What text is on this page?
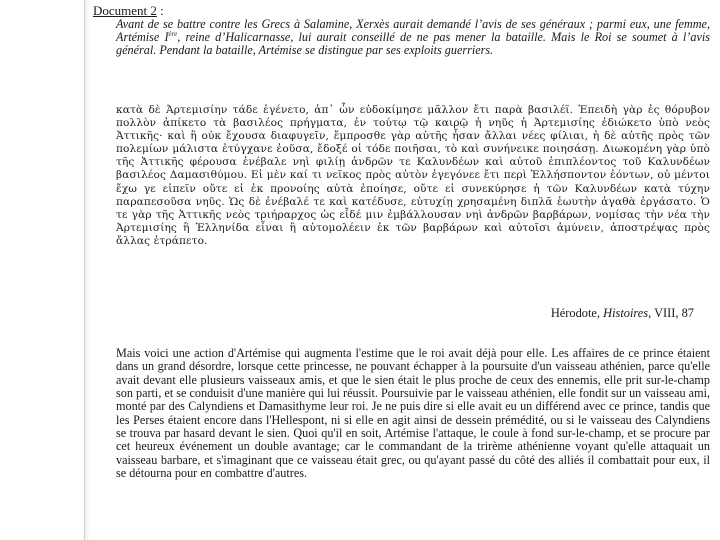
Document 2 :
Avant de se battre contre les Grecs à Salamine, Xerxès aurait demandé l’avis de ses généraux ; parmi eux, une femme, Artémise Ière, reine d’Halicarnasse, lui aurait conseillé de ne pas mener la bataille. Mais le Roi se soumet à l’avis général. Pendant la bataille, Artémise se distingue par ses exploits guerriers.
κατὰ δὲ Ἀρτεμισίην τάδε ἐγένετο, ἀπ᾽ ὧν εὐδοκίμησε μᾶλλον ἔτι παρὰ βασιλέϊ. Ἐπειδὴ γὰρ ἐς θόρυβον πολλὸν ἀπίκετο τὰ βασιλέος πρήγματα, ἐν τούτῳ τῷ καιρῷ ἡ νηῦς ἡ Ἀρτεμισίης ἐδιώκετο ὑπὸ νεὸς Ἀττικῆς· καὶ ἣ οὐκ ἔχουσα διαφυγεῖν, ἔμπροσθε γὰρ αὐτῆς ἦσαν ἄλλαι νέες φίλιαι, ἡ δὲ αὐτῆς πρὸς τῶν πολεμίων μάλιστα ἐτύγχανε ἐοῦσα, ἔδοξέ οἱ τόδε ποιῆσαι, τὸ καὶ συνήνεικε ποιησάσῃ. Διωκομένη γὰρ ὑπὸ τῆς Ἀττικῆς φέρουσα ἐνέβαλε νηὶ φιλίῃ ἀνδρῶν τε Καλυνδέων καὶ αὐτοῦ ἐπιπλέοντος τοῦ Καλυνδέων βασιλέος Δαμασιθύμου. Εἰ μὲν καί τι νεῖκος πρὸς αὐτὸν ἐγεγόνεε ἔτι περὶ Ἑλλήσποντον ἐόντων, οὐ μέντοι ἔχω γε εἰπεῖν οὔτε εἰ ἐκ προνοίης αὐτὰ ἐποίησε, οὔτε εἰ συνεκύρησε ἡ τῶν Καλυνδέων κατὰ τύχην παραπεσοῦσα νηῦς. Ὡς δὲ ἐνέβαλέ τε καὶ κατέδυσε, εὐτυχίῃ χρησαμένη διπλᾶ ἑωυτὴν ἀγαθὰ ἐργάσατο. Ὁ τε γὰρ τῆς Ἀττικῆς νεὸς τριήραρχος ὡς εἶδέ μιν ἐμβάλλουσαν νηὶ ἀνδρῶν βαρβάρων, νομίσας τὴν νέα τὴν Ἀρτεμισίης ἢ Ἑλληνίδα εἶναι ἢ αὐτομολέειν ἐκ τῶν βαρβάρων καὶ αὐτοῖσι ἀμύνειν, ἀποστρέψας πρὸς ἄλλας ἐτράπετο.
Hérodote, Histoires, VIII, 87
Mais voici une action d'Artémise qui augmenta l'estime que le roi avait déjà pour elle. Les affaires de ce prince étaient dans un grand désordre, lorsque cette princesse, ne pouvant échapper à la poursuite d'un vaisseau athénien, parce qu'elle avait devant elle plusieurs vaisseaux amis, et que le sien était le plus proche de ceux des ennemis, elle prit sur-le-champ son parti, et se conduisit d'une manière qui lui réussit. Poursuivie par le vaisseau athénien, elle fondit sur un vaisseau ami, monté par des Calyndiens et Damasithyme leur roi. Je ne puis dire si elle avait eu un différend avec ce prince, tandis que les Perses étaient encore dans l'Hellespont, ni si elle en agit ainsi de dessein prémédité, ou si le vaisseau des Calyndiens se trouva par hasard devant le sien. Quoi qu'il en soit, Artémise l'attaque, le coule à fond sur-le-champ, et se procure par cet heureux événement un double avantage; car le commandant de la trirème athénienne voyant qu'elle attaquait un vaisseau barbare, et s'imaginant que ce vaisseau était grec, ou qu'ayant passé du côté des alliés il combattait pour eux, il se détourna pour en combattre d'autres.
